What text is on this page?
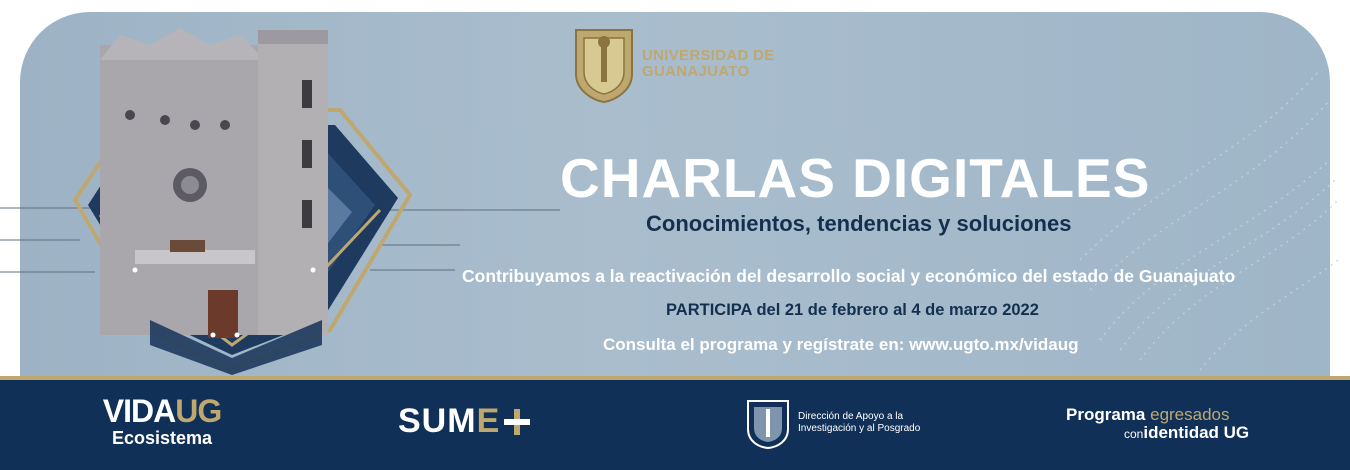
UNIVERSIDAD DE
GUANAJUATO
CHARLAS DIGITALES
Conocimientos, tendencias y soluciones
Contribuyamos a la reactivación del desarrollo social y económico del estado de Guanajuato
PARTICIPA del 21 de febrero al 4 de marzo 2022
Consulta el programa y regístrate en: www.ugto.mx/vidaug
VIDAUG
Ecosistema	SUM E	Dirección de Apoyo a la
Investigación y al Posgrado
Programa egresados
conidentidad UG
